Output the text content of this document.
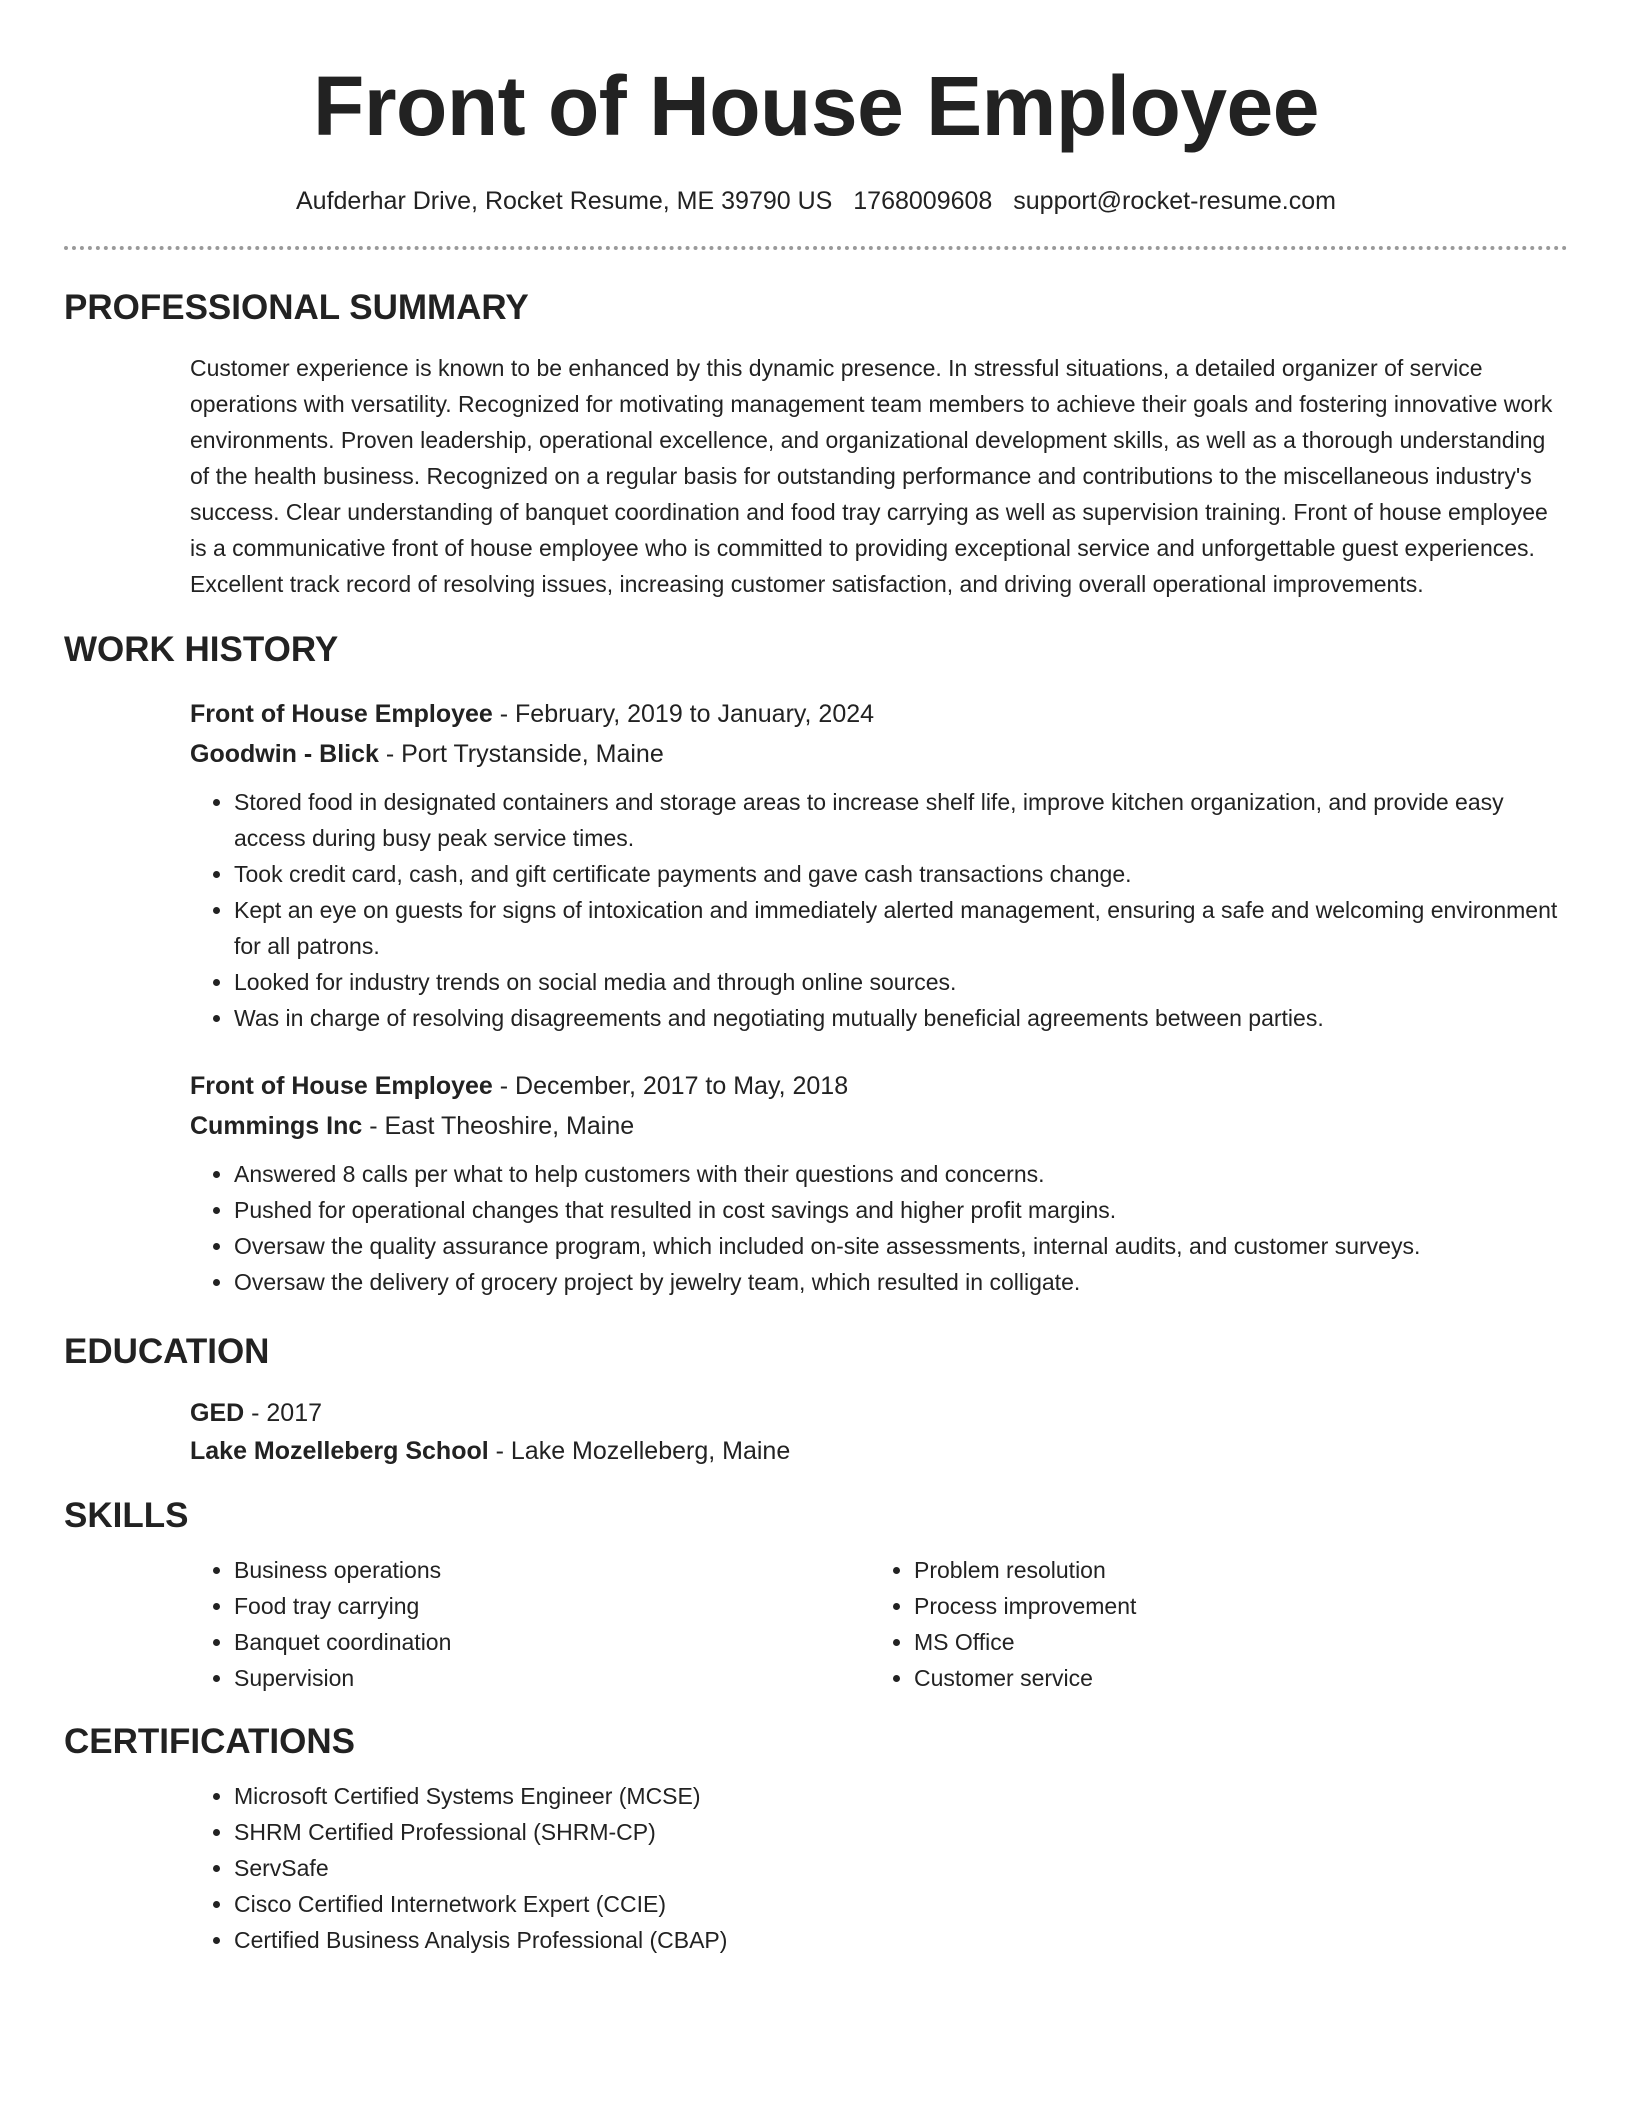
Front of House Employee
Aufderhar Drive, Rocket Resume, ME 39790 US 1768009608 support@rocket-resume.com
PROFESSIONAL SUMMARY
Customer experience is known to be enhanced by this dynamic presence. In stressful situations, a detailed organizer of service operations with versatility. Recognized for motivating management team members to achieve their goals and fostering innovative work environments. Proven leadership, operational excellence, and organizational development skills, as well as a thorough understanding of the health business. Recognized on a regular basis for outstanding performance and contributions to the miscellaneous industry's success. Clear understanding of banquet coordination and food tray carrying as well as supervision training. Front of house employee is a communicative front of house employee who is committed to providing exceptional service and unforgettable guest experiences. Excellent track record of resolving issues, increasing customer satisfaction, and driving overall operational improvements.
WORK HISTORY
Front of House Employee - February, 2019 to January, 2024
Goodwin - Blick - Port Trystanside, Maine
• Stored food in designated containers and storage areas to increase shelf life, improve kitchen organization, and provide easy access during busy peak service times.
• Took credit card, cash, and gift certificate payments and gave cash transactions change.
• Kept an eye on guests for signs of intoxication and immediately alerted management, ensuring a safe and welcoming environment for all patrons.
• Looked for industry trends on social media and through online sources.
• Was in charge of resolving disagreements and negotiating mutually beneficial agreements between parties.
Front of House Employee - December, 2017 to May, 2018
Cummings Inc - East Theoshire, Maine
• Answered 8 calls per what to help customers with their questions and concerns.
• Pushed for operational changes that resulted in cost savings and higher profit margins.
• Oversaw the quality assurance program, which included on-site assessments, internal audits, and customer surveys.
• Oversaw the delivery of grocery project by jewelry team, which resulted in colligate.
EDUCATION
GED - 2017
Lake Mozelleberg School - Lake Mozelleberg, Maine
SKILLS
• Business operations
• Food tray carrying
• Banquet coordination
• Supervision
• Problem resolution
• Process improvement
• MS Office
• Customer service
CERTIFICATIONS
• Microsoft Certified Systems Engineer (MCSE)
• SHRM Certified Professional (SHRM-CP)
• ServSafe
• Cisco Certified Internetwork Expert (CCIE)
• Certified Business Analysis Professional (CBAP)
